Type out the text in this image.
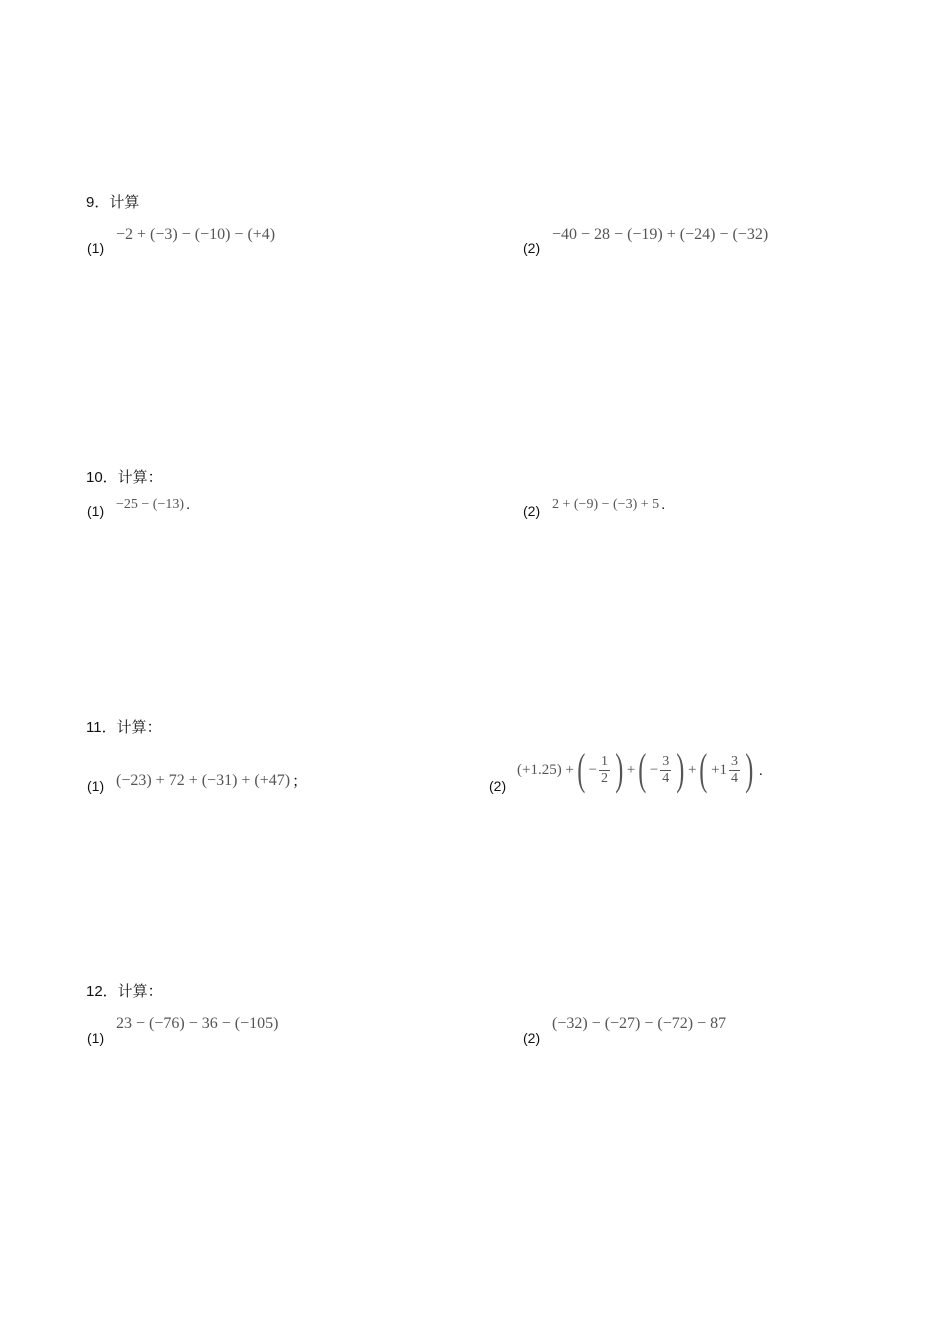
9．计算
(1)
−2 + (−3) − (−10) − (+4)
(2)
−40 − 28 − (−19) + (−24) − (−32)
10．计算：
(1) −25 − (−13) .	(2) 2 + (−9) − (−3) + 5 .
11．计算：
(1) (−23) + 72 + (−31) + (+47) ；	(2)
(+1.25) + ( − $\frac{1}{2}$ ) + ( − $\frac{3}{4}$ ) + ( $+1 \frac{3}{4}$ ) .
12．计算：
(1)
23 − (−76) − 36 − (−105)
(2)
(−32) − (−27) − (−72) − 87
